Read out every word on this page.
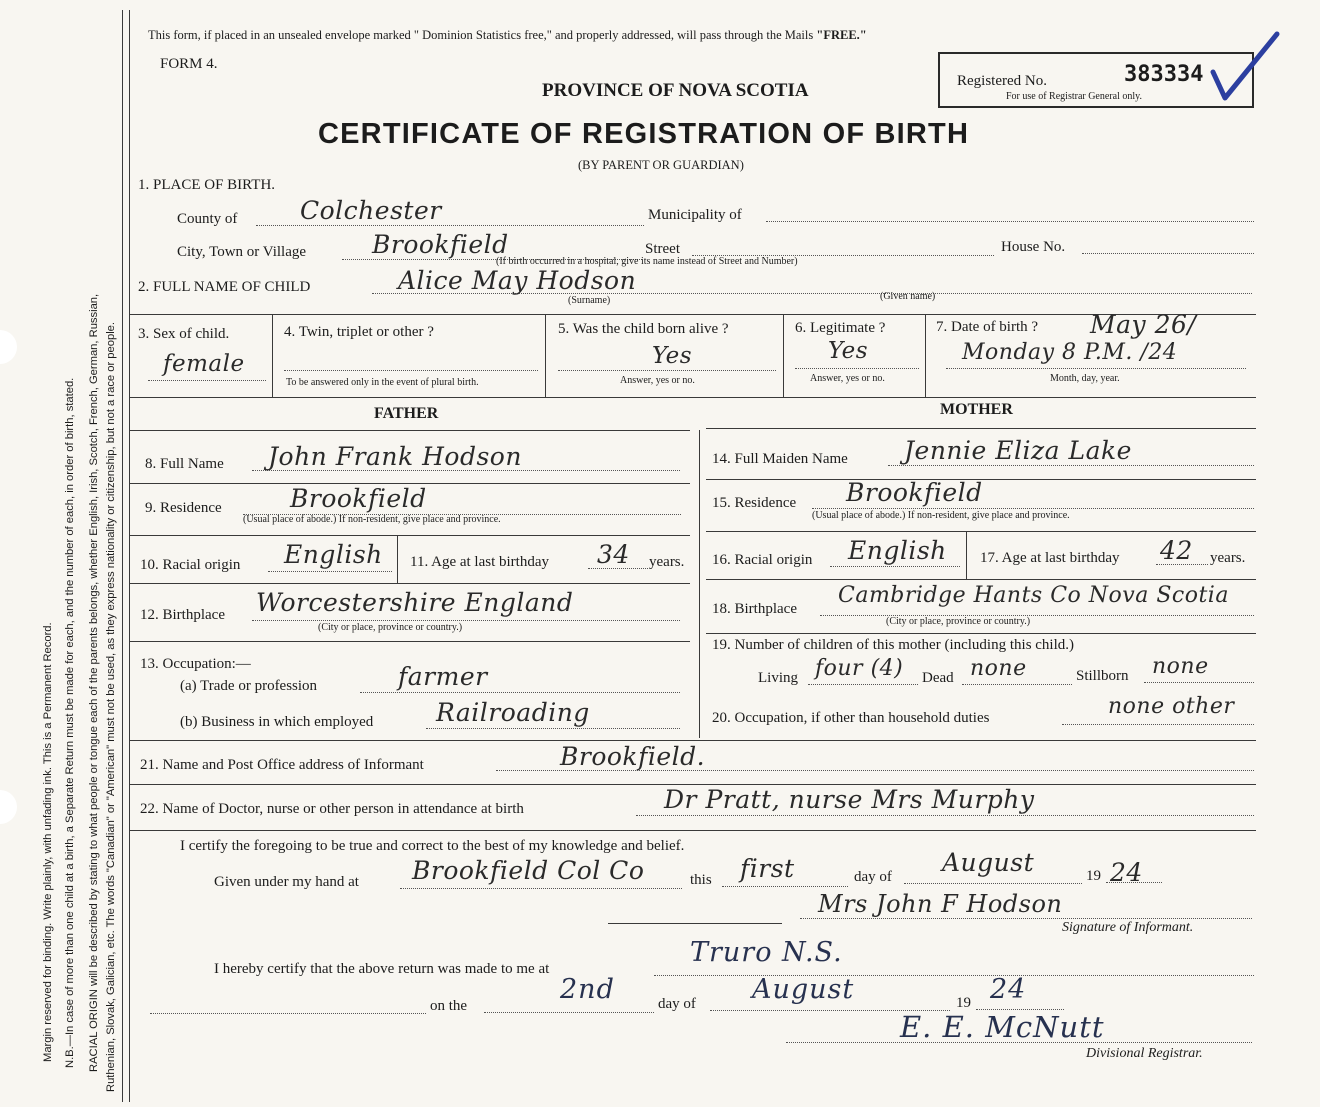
Margin reserved for binding. Write plainly, with unfading ink. This is a Permanent Record. N.B.—In case of more than one child at a birth, a Separate Return must be made for each, and the number of each, in order of birth, stated. RACIAL ORIGIN will be described by stating to what people or tongue each of the parents belongs, whether English, Irish, Scotch, French, German, Russian, Ruthenian, Slovak, Galician, etc. The words "Canadian" or "American" must not be used, as they express nationality or citizenship, but not a race or people.
This form, if placed in an unsealed envelope marked " Dominion Statistics free," and properly addressed, will pass through the Mails "FREE."
FORM 4.
PROVINCE OF NOVA SCOTIA
CERTIFICATE OF REGISTRATION OF BIRTH
(BY PARENT OR GUARDIAN)
Registered No.	383334
For use of Registrar General only.
1. PLACE OF BIRTH.
County of	Colchester	Municipality of
City, Town or Village	Brookfield	Street	House No.
(If birth occurred in a hospital, give its name instead of Street and Number)
2. FULL NAME OF CHILD	Alice May Hodson
(Surname)	(Given name)
3. Sex of child.
female
4. Twin, triplet or other ?
To be answered only in the event of plural birth.
5. Was the child born alive ?
Yes
Answer, yes or no.
6. Legitimate ?
Yes
Answer, yes or no.
7. Date of birth ? May 26/
Monday 8 P.M. /24
Month, day, year.
FATHER	MOTHER
8. Full Name John Frank Hodson
9. Residence	Brookfield
(Usual place of abode.) If non-resident, give place and province.
10. Racial origin English 11. Age at last birthday 34 years.
12. Birthplace Worcestershire England
(City or place, province or country.)
13. Occupation:—
(a) Trade or profession	farmer
(b) Business in which employed	Railroading
14. Full Maiden Name Jennie Eliza Lake
15. Residence Brookfield
(Usual place of abode.) If non-resident, give place and province.
16. Racial origin English 17. Age at last birthday 42 years.
18. Birthplace
Cambridge Hants Co Nova Scotia
(City or place, province or country.)
19. Number of children of this mother (including this child.)
Living four (4) Dead none	Stillborn none
20. Occupation, if other than household duties	none other
21. Name and Post Office address of Informant	Brookfield.
22. Name of Doctor, nurse or other person in attendance at birth	Dr Pratt, nurse Mrs Murphy
I certify the foregoing to be true and correct to the best of my knowledge and belief.
Given under my hand at Brookfield Col Co	this first	day of August	19 24
Mrs John F Hodson
Signature of Informant.
I hereby certify that the above return was made to me at
Truro N.S.
on the
2nd	day of August	19 24
E. E. McNutt
Divisional Registrar.
